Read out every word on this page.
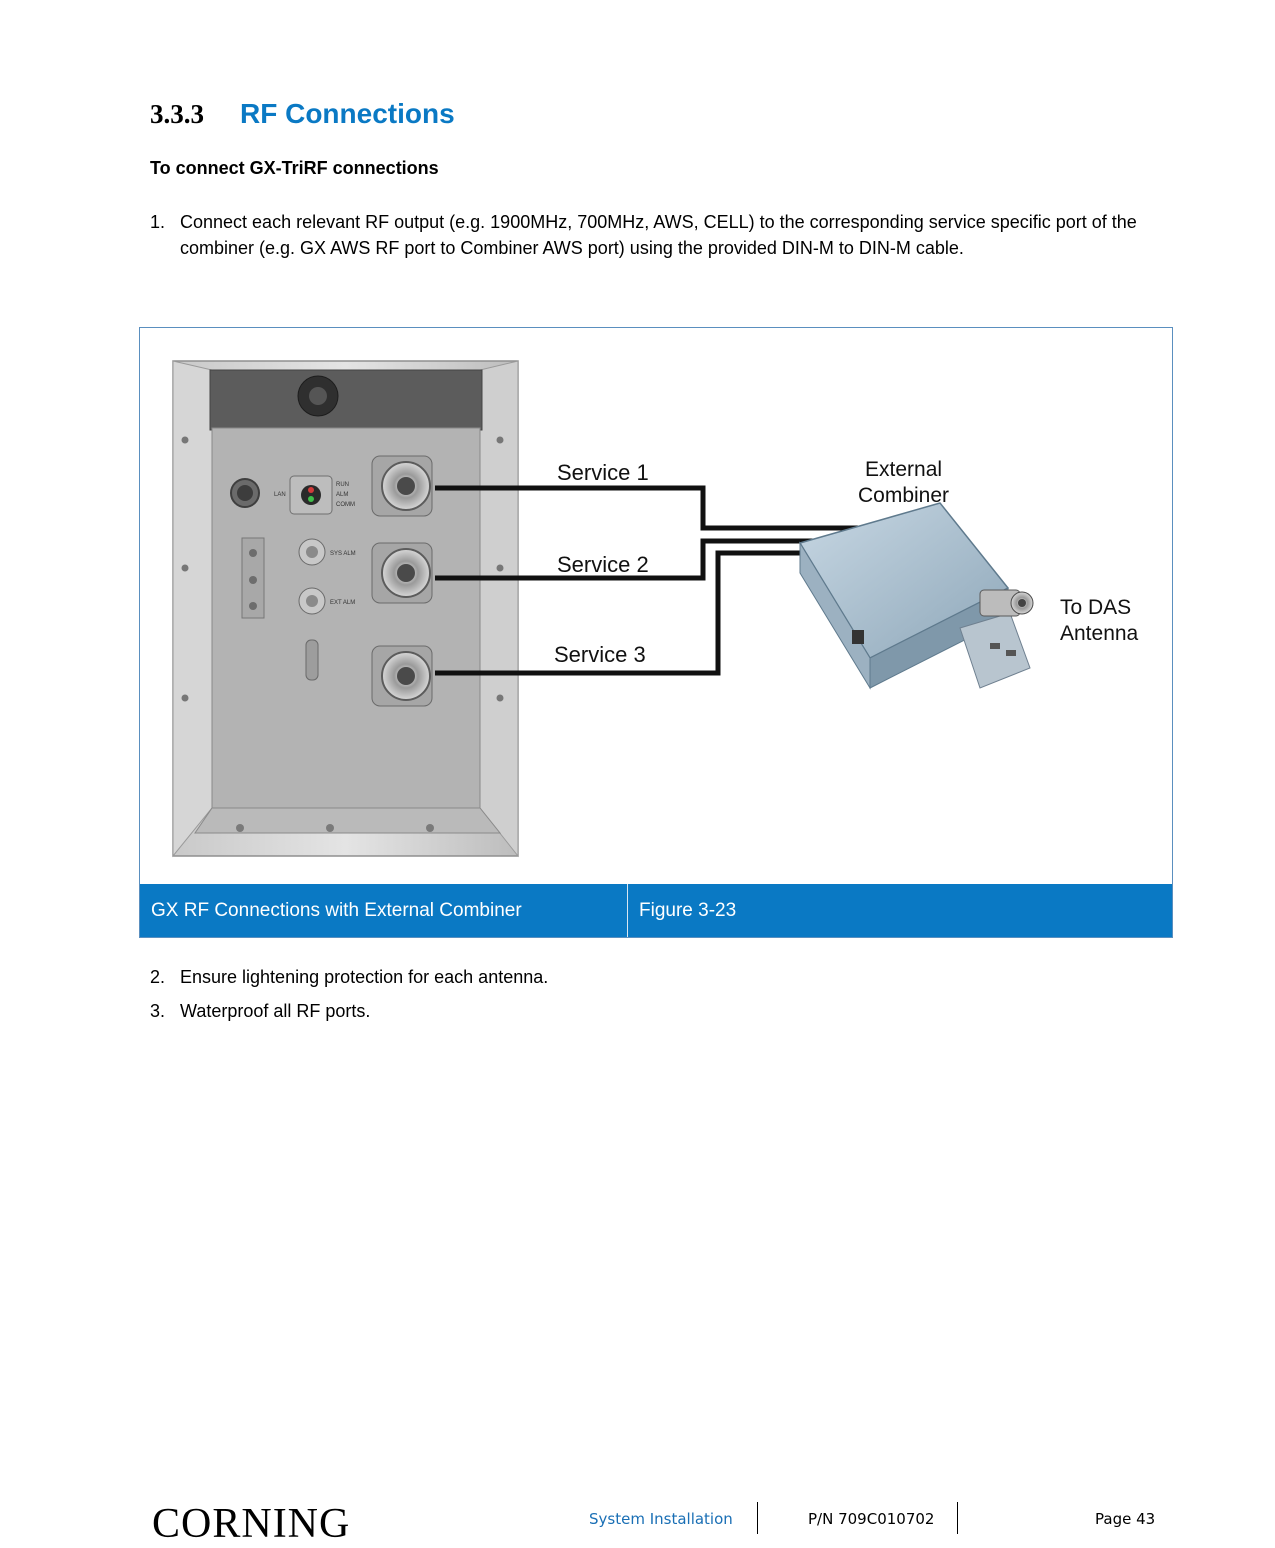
3.3.3	RF Connections
To connect GX-TriRF connections
1. Connect each relevant RF output (e.g. 1900MHz, 700MHz, AWS, CELL) to the corresponding service specific port of the combiner (e.g. GX AWS RF port to Combiner AWS port) using the provided DIN-M to DIN-M cable.
RUN
ALM
COMM
LAN
SYS ALM
EXT ALM
Service 1
Service 2
Service 3
External
Combiner
To DAS
Antenna
GX RF Connections with External Combiner	Figure 3-23
2. Ensure lightening protection for each antenna.
3. Waterproof all RF ports.
CORNING	System Installation	P/N 709C010702	Page 43
